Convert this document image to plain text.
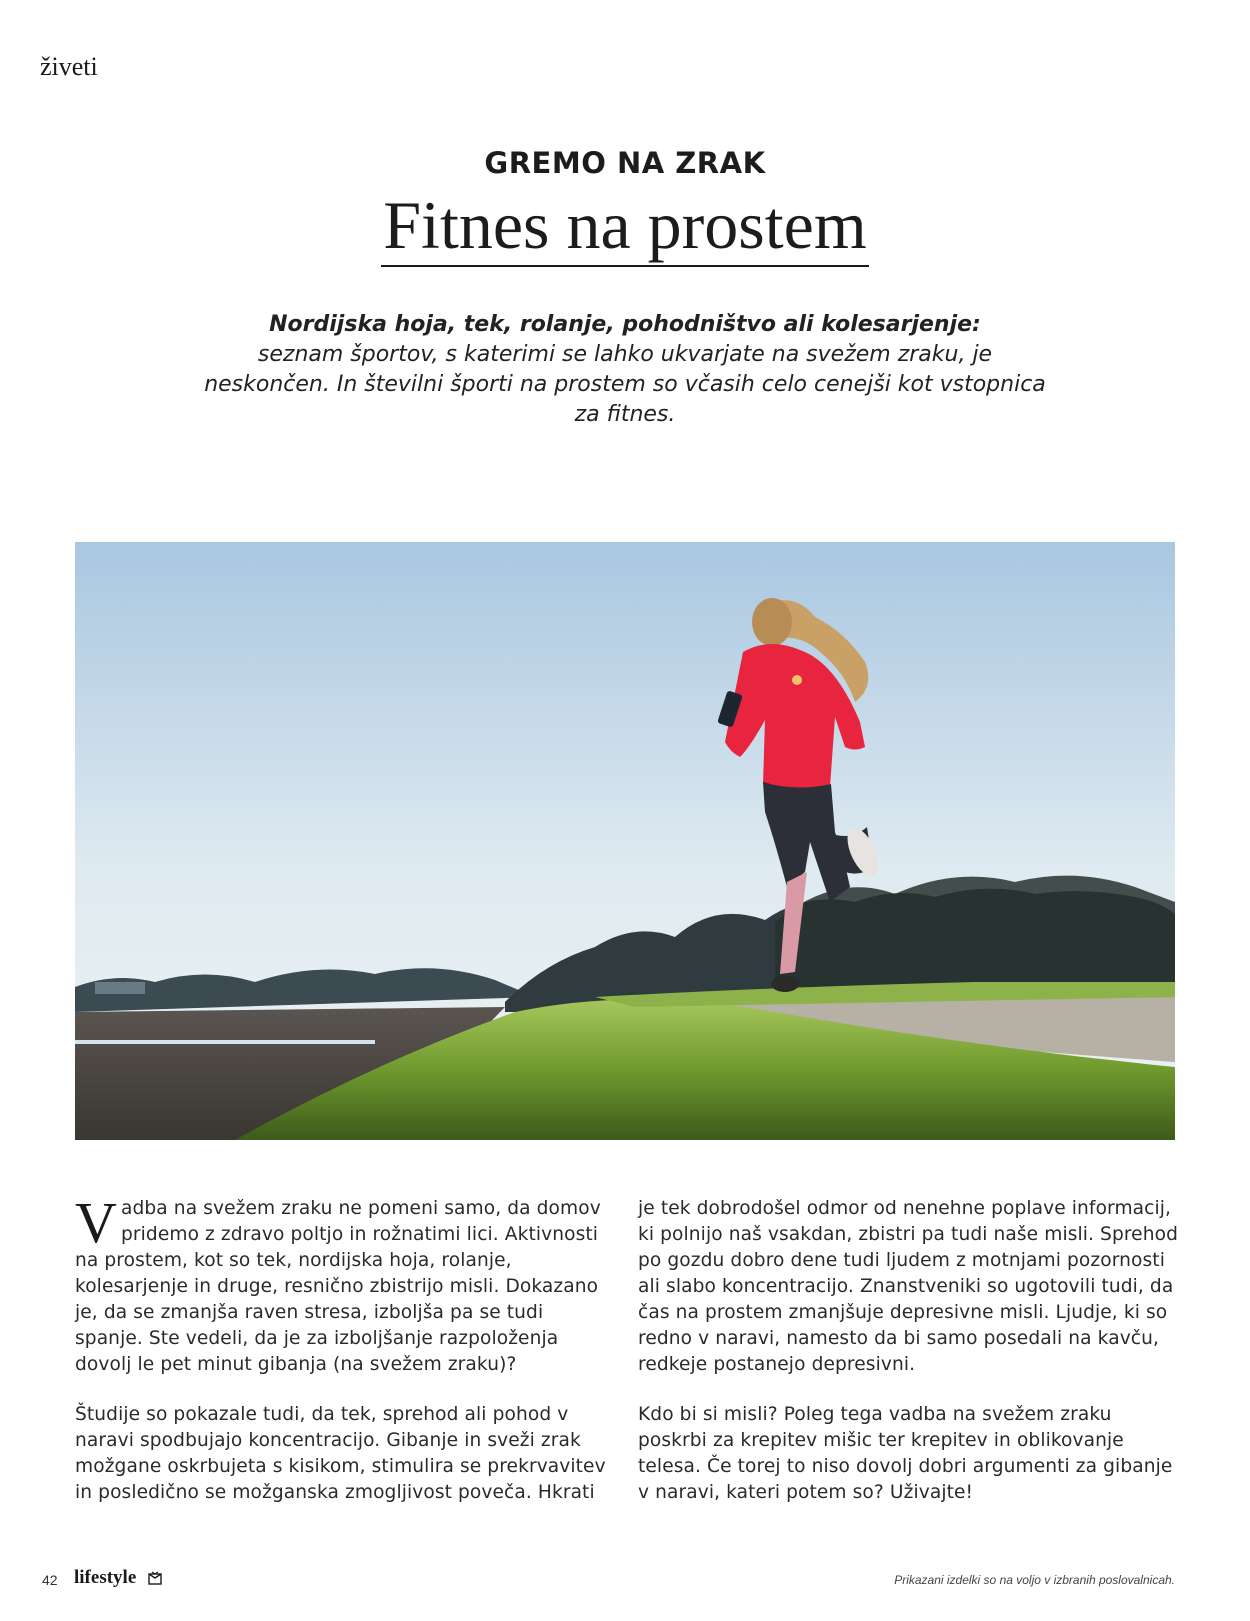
živeti
GREMO NA ZRAK
Fitnes na prostem
Nordijska hoja, tek, rolanje, pohodništvo ali kolesarjenje:
seznam športov, s katerimi se lahko ukvarjate na svežem zraku, je neskončen. In številni športi na prostem so včasih celo cenejši kot vstopnica za fitnes.

Vadba na svežem zraku ne pomeni samo, da domov pridemo z zdravo poltjo in rožnatimi lici. Aktivnosti na prostem, kot so tek, nordijska hoja, rolanje, kolesarjenje in druge, resnično zbistrijo misli. Dokazano je, da se zmanjša raven stresa, izboljša pa se tudi spanje. Ste vedeli, da je za izboljšanje razpoloženja dovolj le pet minut gibanja (na svežem zraku)?

Študije so pokazale tudi, da tek, sprehod ali pohod v naravi spodbujajo koncentracijo. Gibanje in sveži zrak možgane oskrbujeta s kisikom, stimulira se prekrvavitev in posledično se možganska zmogljivost poveča. Hkrati

je tek dobrodošel odmor od nenehne poplave informacij, ki polnijo naš vsakdan, zbistri pa tudi naše misli. Sprehod po gozdu dobro dene tudi ljudem z motnjami pozornosti ali slabo koncentracijo. Znanstveniki so ugotovili tudi, da čas na prostem zmanjšuje depresivne misli. Ljudje, ki so redno v naravi, namesto da bi samo posedali na kavču, redkeje postanejo depresivni.

Kdo bi si misli? Poleg tega vadba na svežem zraku poskrbi za krepitev mišic ter krepitev in oblikovanje telesa. Če torej to niso dovolj dobri argumenti za gibanje v naravi, kateri potem so? Uživajte!

42 lifestyle	Prikazani izdelki so na voljo v izbranih poslovalnicah.
